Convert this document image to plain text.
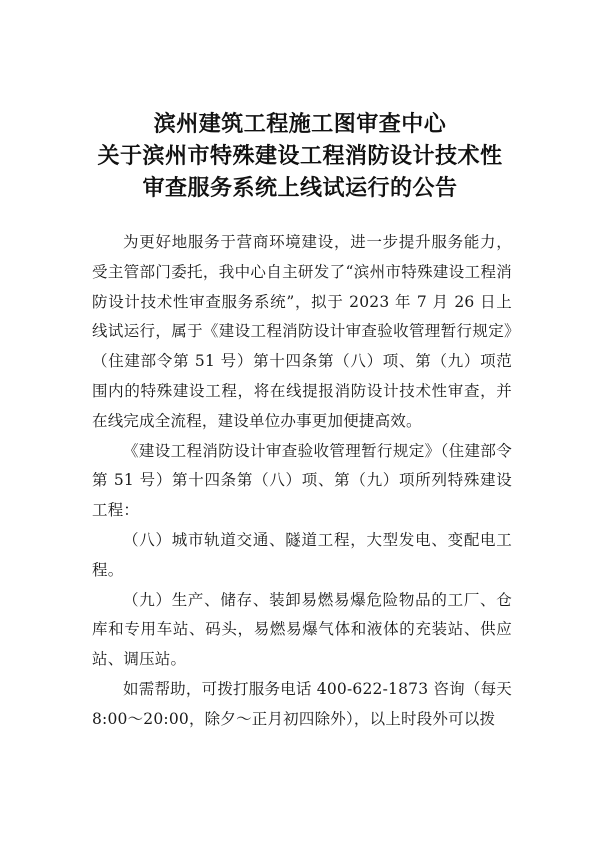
滨州建筑工程施工图审查中心
关于滨州市特殊建设工程消防设计技术性
审查服务系统上线试运行的公告

为更好地服务于营商环境建设，进一步提升服务能力，受主管部门委托，我中心自主研发了“滨州市特殊建设工程消防设计技术性审查服务系统”，拟于 2023 年 7 月 26 日上线试运行，属于《建设工程消防设计审查验收管理暂行规定》（住建部令第 51 号）第十四条第（八）项、第（九）项范围内的特殊建设工程，将在线提报消防设计技术性审查，并在线完成全流程，建设单位办事更加便捷高效。

《建设工程消防设计审查验收管理暂行规定》（住建部令第 51 号）第十四条第（八）项、第（九）项所列特殊建设工程：

（八）城市轨道交通、隧道工程，大型发电、变配电工程。

（九）生产、储存、装卸易燃易爆危险物品的工厂、仓库和专用车站、码头，易燃易爆气体和液体的充装站、供应站、调压站。

如需帮助，可拨打服务电话 400-622-1873 咨询（每天 8:00～20:00，除夕～正月初四除外），以上时段外可以拨
